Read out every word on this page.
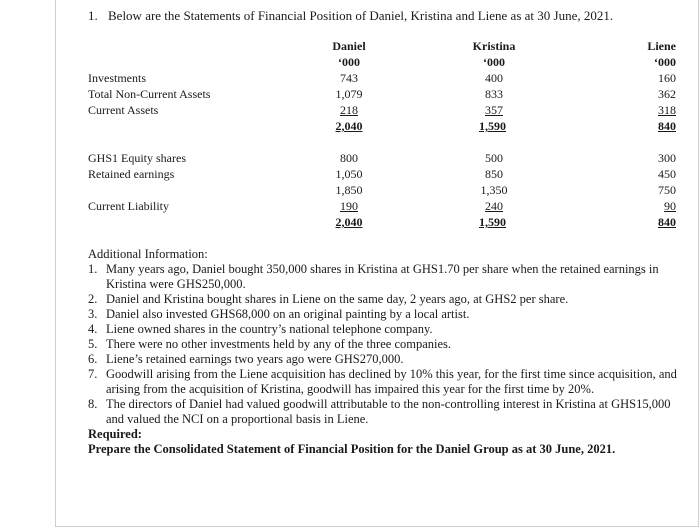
1. Below are the Statements of Financial Position of Daniel, Kristina and Liene as at 30 June, 2021.
	Daniel	Kristina	Liene
	‘000	‘000	‘000
Investments	743	400	160
Total Non-Current Assets	1,079	833	362
Current Assets	218	357	318
	2,040	1,590	840

GHS1 Equity shares	800	500	300
Retained earnings	1,050	850	450
	1,850	1,350	750
Current Liability	190	240	90
	2,040	1,590	840
Additional Information:
1. Many years ago, Daniel bought 350,000 shares in Kristina at GHS1.70 per share when the retained earnings in Kristina were GHS250,000.
2. Daniel and Kristina bought shares in Liene on the same day, 2 years ago, at GHS2 per share.
3. Daniel also invested GHS68,000 on an original painting by a local artist.
4. Liene owned shares in the country’s national telephone company.
5. There were no other investments held by any of the three companies.
6. Liene’s retained earnings two years ago were GHS270,000.
7. Goodwill arising from the Liene acquisition has declined by 10% this year, for the first time since acquisition, and arising from the acquisition of Kristina, goodwill has impaired this year for the first time by 20%.
8. The directors of Daniel had valued goodwill attributable to the non-controlling interest in Kristina at GHS15,000 and valued the NCI on a proportional basis in Liene.
Required:
Prepare the Consolidated Statement of Financial Position for the Daniel Group as at 30 June, 2021.
